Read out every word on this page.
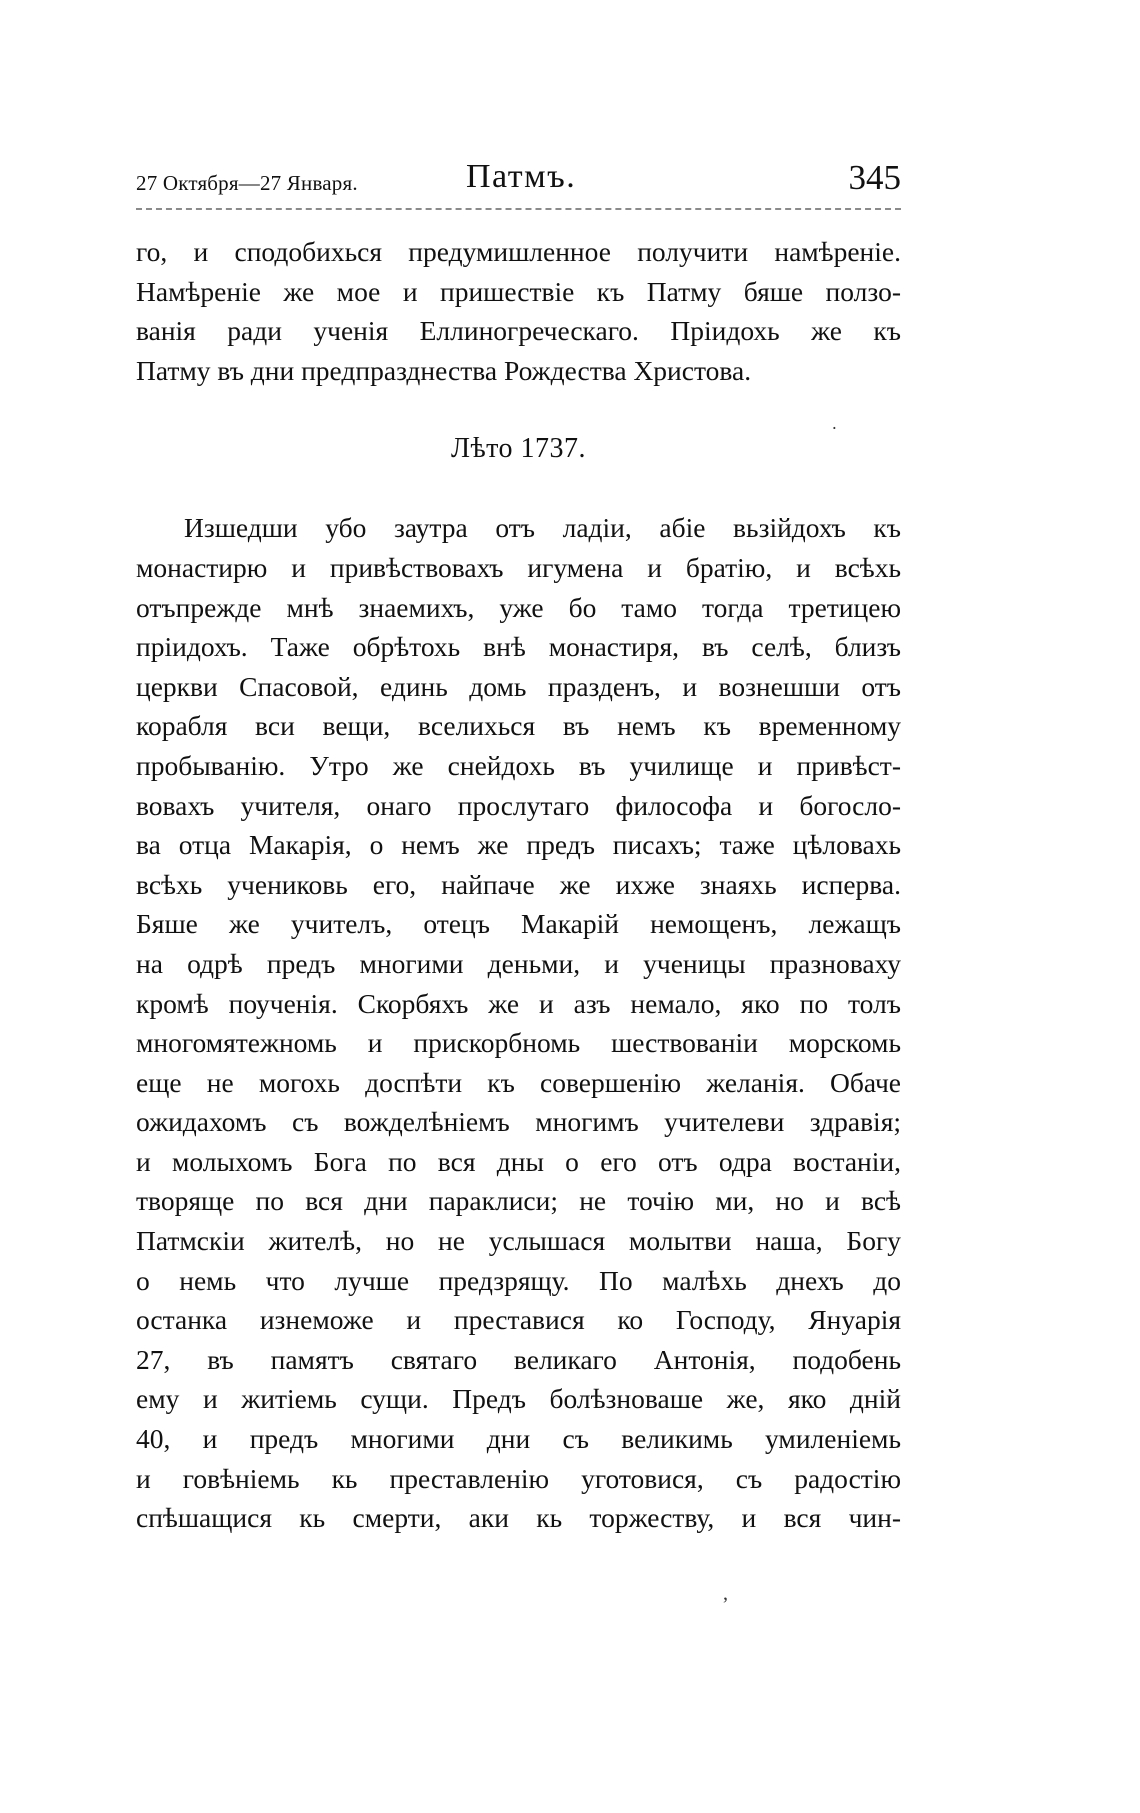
27 Октября—27 Января.	Патмъ.	345
го, и сподобихься предумишленное получити намѣреніе.
Намѣреніе же мое и пришествіе къ Патму бяше ползо-
ванія ради ученія Еллиногреческаго. Пріидохь же къ
Патму въ дни предпразднества Рождества Христова.
Лѣто 1737.
Изшедши убо заутра отъ ладіи, абіе вьзійдохъ къ
монастирю и привѣствовахъ игумена и братію, и всѣхь
отъпрежде мнѣ знаемихъ, уже бо тамо тогда третицею
пріидохъ. Таже обрѣтохь внѣ монастиря, въ селѣ, близъ
церкви Спасовой, единь домь празденъ, и вознешши отъ
корабля вси вещи, вселихься въ немъ къ временному
пробыванію. Утро же снейдохь въ училище и привѣст-
вовахъ учителя, онаго прослутаго философа и богосло-
ва отца Макарія, о немъ же предъ писахъ; таже цѣловахь
всѣхь учениковь его, найпаче же ихже знаяхь исперва.
Бяше же учителъ, отецъ Макарій немощенъ, лежащъ
на одрѣ предъ многими деньми, и ученицы празноваху
кромѣ поученія. Скорбяхъ же и азъ немало, яко по толъ
многомятежномь и прискорбномь шествованіи морскомь
еще не могохь доспѣти къ совершенію желанія. Обаче
ожидахомъ съ вожделѣніемъ многимъ учителеви здравія;
и молыхомъ Бога по вся дны о его отъ одра востаніи,
творяще по вся дни параклиси; не точію ми, но и всѣ
Патмскіи жителѣ, но не услышася молытви наша, Богу
о немь что лучше предзрящу. По малѣхь днехъ до
останка изнеможе и преставися ко Господу, Януарія
27, въ памятъ святаго великаго Антонія, подобень
ему и житіемь сущи. Предъ болѣзноваше же, яко дній
40, и предъ многими дни съ великимь умиленіемь
и говѣніемь кь преставленію уготовися, съ радостію
спѣшащися кь смерти, аки кь торжеству, и вся чин-
˙
ʼ
